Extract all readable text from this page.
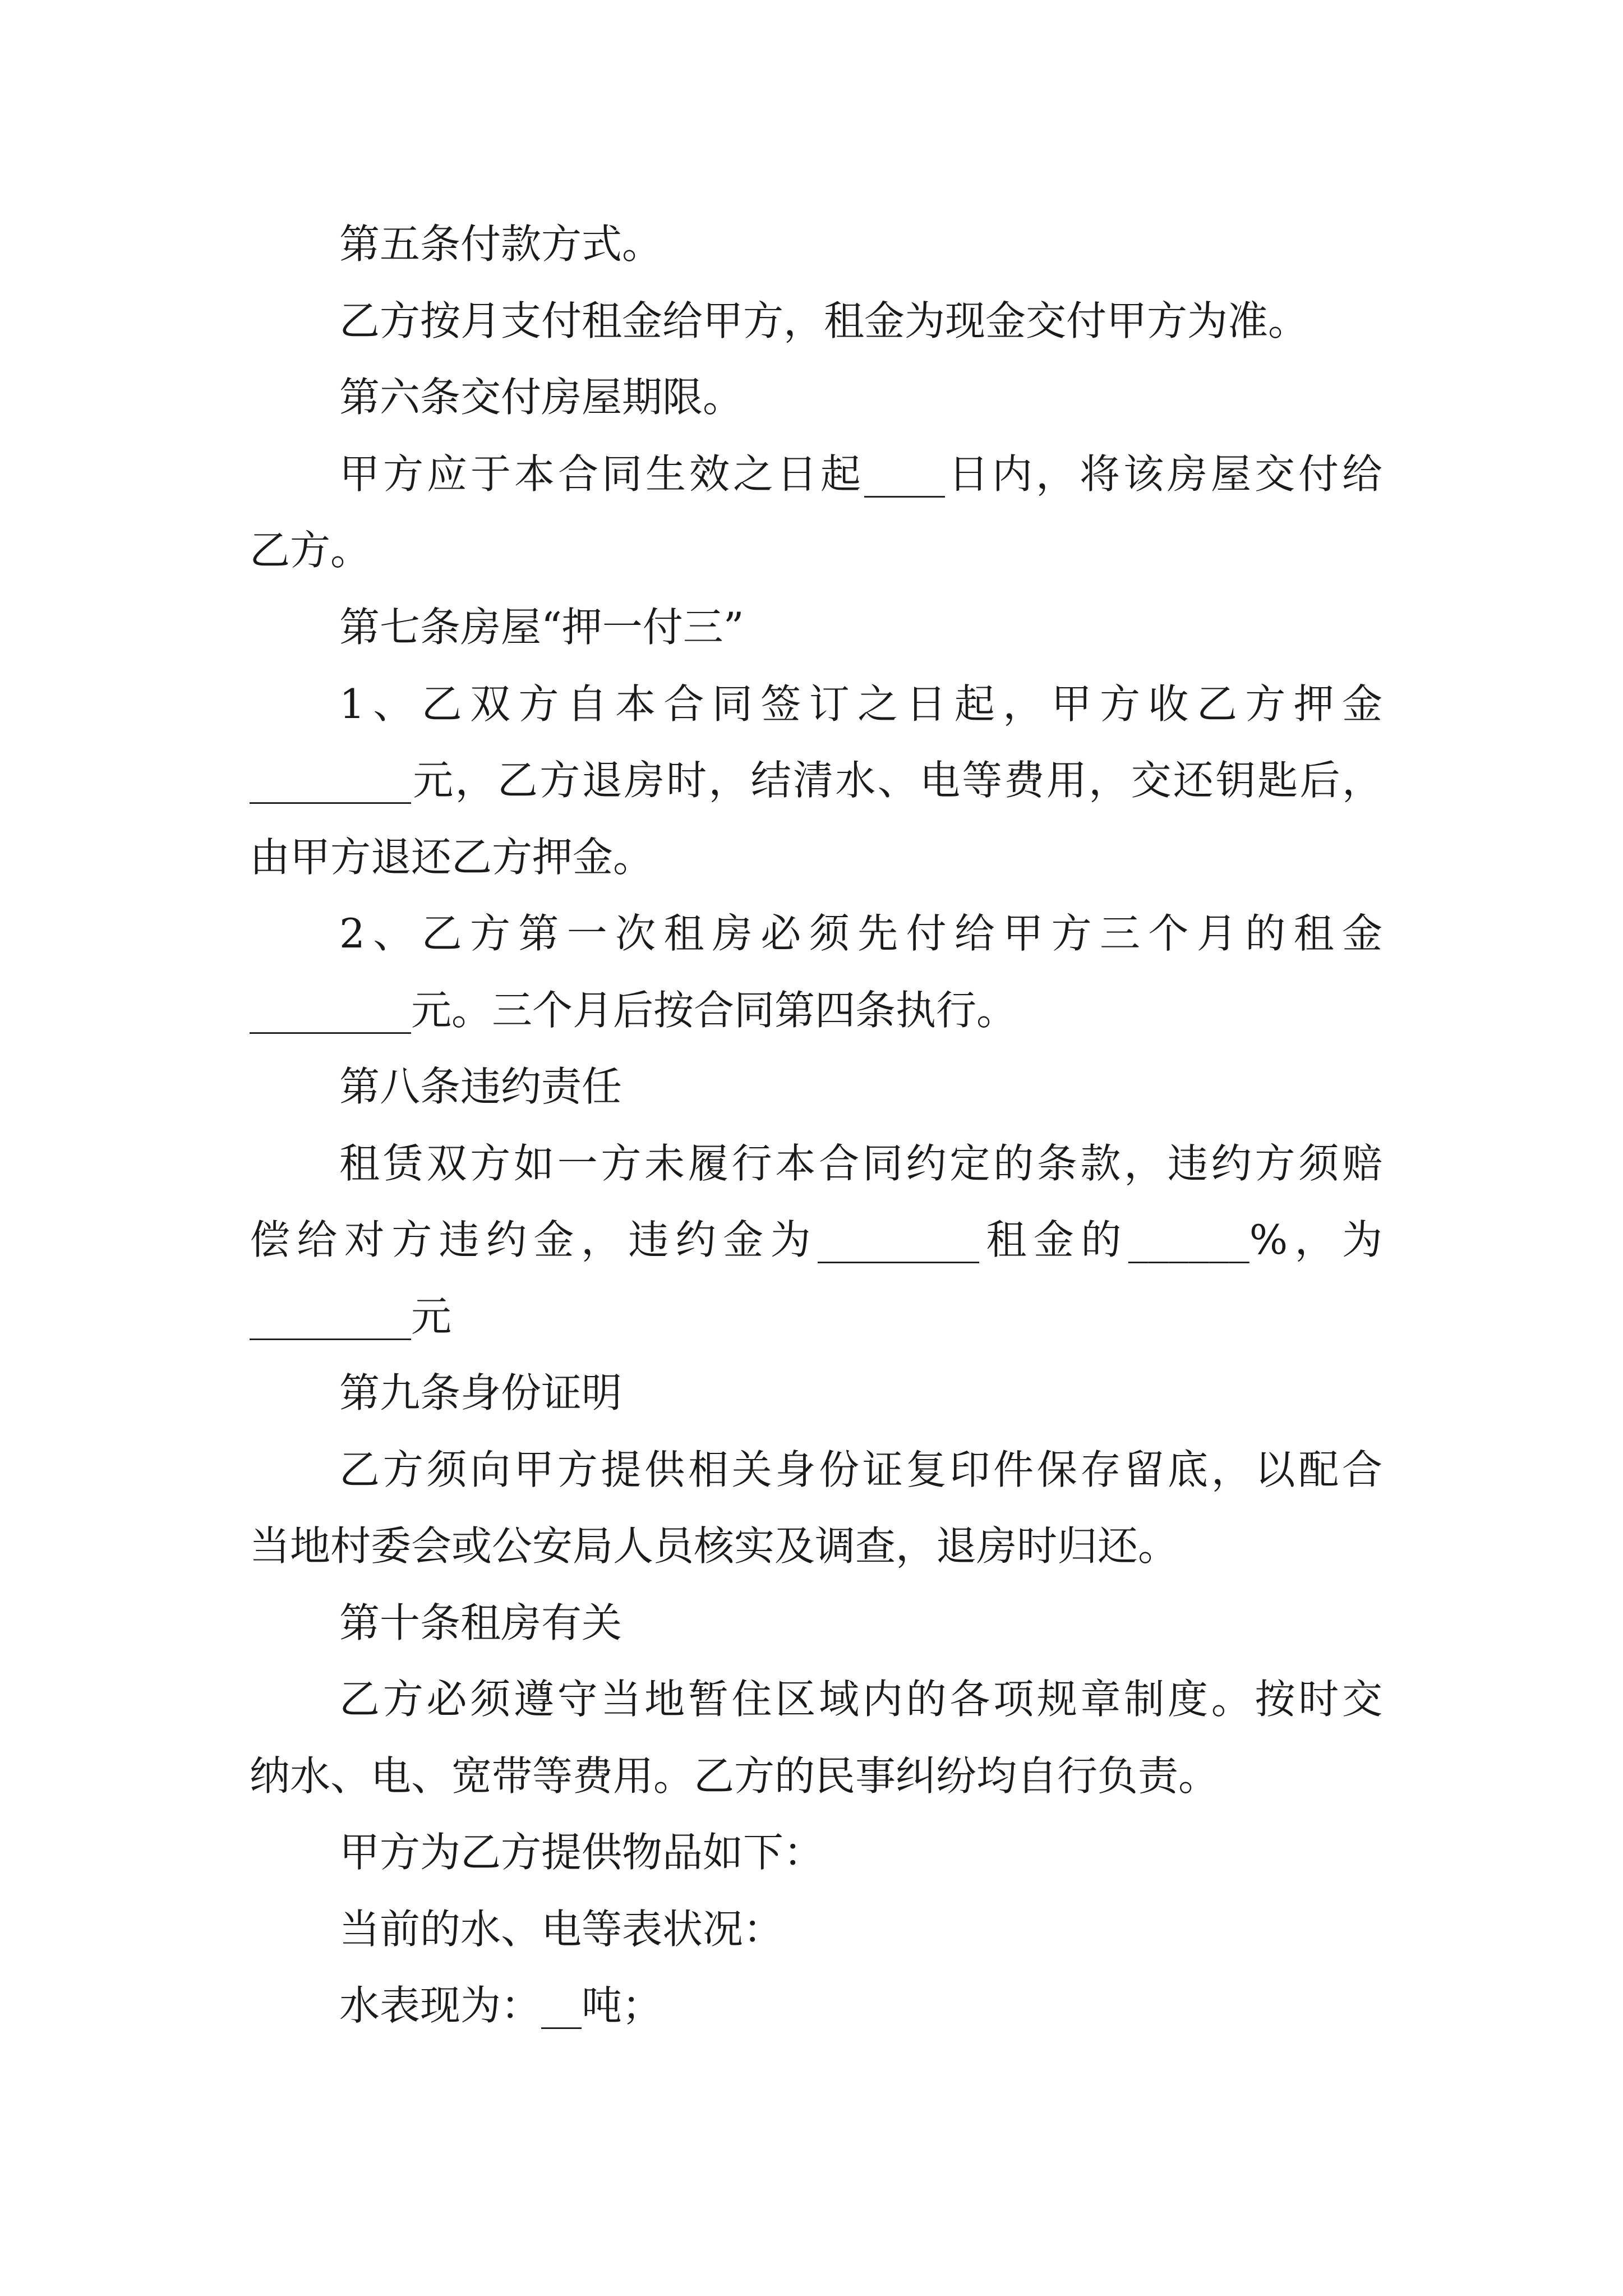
第五条付款方式。
乙方按月支付租金给甲方，租金为现金交付甲方为准。
第六条交付房屋期限。
甲方应于本合同生效之日起____日内，将该房屋交付给
乙方。
第七条房屋“押一付三”
1、乙双方自本合同签订之日起，甲方收乙方押金
________元，乙方退房时，结清水、电等费用，交还钥匙后，
由甲方退还乙方押金。
2、乙方第一次租房必须先付给甲方三个月的租金
________元。三个月后按合同第四条执行。
第八条违约责任
租赁双方如一方未履行本合同约定的条款，违约方须赔
偿给对方违约金，违约金为________租金的______%，为
________元
第九条身份证明
乙方须向甲方提供相关身份证复印件保存留底，以配合
当地村委会或公安局人员核实及调查，退房时归还。
第十条租房有关
乙方必须遵守当地暂住区域内的各项规章制度。按时交
纳水、电、宽带等费用。乙方的民事纠纷均自行负责。
甲方为乙方提供物品如下：
当前的水、电等表状况：
水表现为：__吨；
